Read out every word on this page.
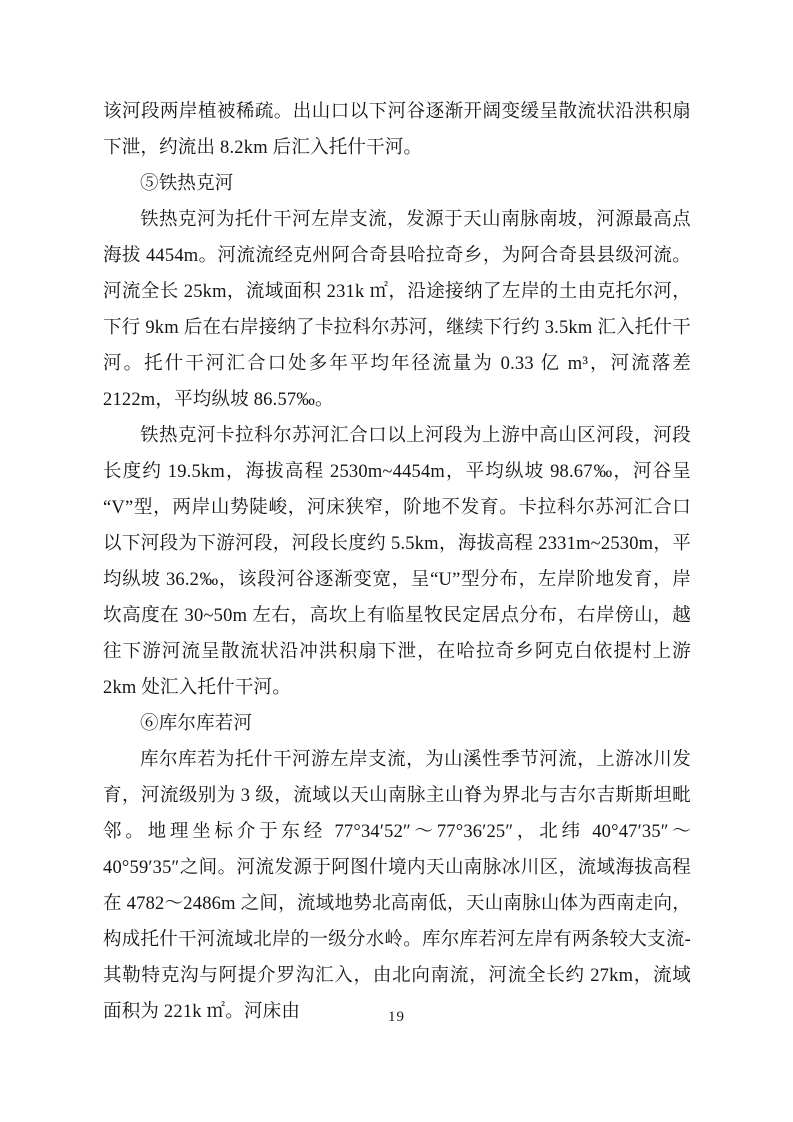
该河段两岸植被稀疏。出山口以下河谷逐渐开阔变缓呈散流状沿洪积扇下泄，约流出 8.2km 后汇入托什干河。

⑤铁热克河

铁热克河为托什干河左岸支流，发源于天山南脉南坡，河源最高点海拔 4454m。河流流经克州阿合奇县哈拉奇乡，为阿合奇县县级河流。河流全长 25km，流域面积 231k ㎡，沿途接纳了左岸的土由克托尔河，下行 9km 后在右岸接纳了卡拉科尔苏河，继续下行约 3.5km 汇入托什干河。托什干河汇合口处多年平均年径流量为 0.33 亿 m³，河流落差 2122m，平均纵坡 86.57‰。

铁热克河卡拉科尔苏河汇合口以上河段为上游中高山区河段，河段长度约 19.5km，海拔高程 2530m~4454m，平均纵坡 98.67‰，河谷呈“V”型，两岸山势陡峻，河床狭窄，阶地不发育。卡拉科尔苏河汇合口以下河段为下游河段，河段长度约 5.5km，海拔高程 2331m~2530m，平均纵坡 36.2‰，该段河谷逐渐变宽，呈“U”型分布，左岸阶地发育，岸坎高度在 30~50m 左右，高坎上有临星牧民定居点分布，右岸傍山，越往下游河流呈散流状沿冲洪积扇下泄，在哈拉奇乡阿克白依提村上游 2km 处汇入托什干河。

⑥库尔库若河

库尔库若为托什干河游左岸支流，为山溪性季节河流，上游冰川发育，河流级别为 3 级，流域以天山南脉主山脊为界北与吉尔吉斯斯坦毗邻。地理坐标介于东经 77°34′52″～77°36′25″，北纬 40°47′35″～40°59′35″之间。河流发源于阿图什境内天山南脉冰川区，流域海拔高程在 4782～2486m 之间，流域地势北高南低，天山南脉山体为西南走向，构成托什干河流域北岸的一级分水岭。库尔库若河左岸有两条较大支流-其勒特克沟与阿提介罗沟汇入，由北向南流，河流全长约 27km，流域面积为 221k ㎡。河床由	19
